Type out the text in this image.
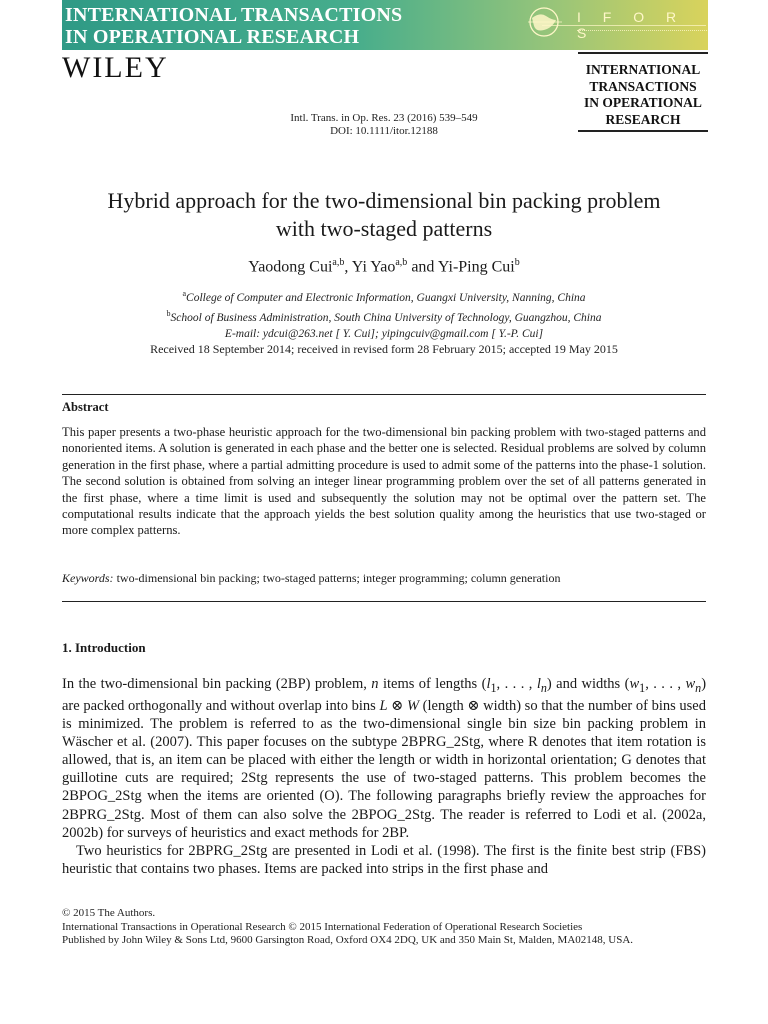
INTERNATIONAL TRANSACTIONS
IN OPERATIONAL RESEARCH
I F O R S
WILEY	INTERNATIONAL
TRANSACTIONS
IN OPERATIONAL
RESEARCH
Intl. Trans. in Op. Res. 23 (2016) 539–549
DOI: 10.1111/itor.12188
Hybrid approach for the two-dimensional bin packing problem
with two-staged patterns
Yaodong Cui$^{a,b}$, Yi Yao$^{a,b}$ and Yi-Ping Cui$^b$
$^a$College of Computer and Electronic Information, Guangxi University, Nanning, China
$^b$School of Business Administration, South China University of Technology, Guangzhou, China
E-mail: ydcui@263.net [ Y. Cui]; yipingcuiv@gmail.com [ Y.-P. Cui]
Received 18 September 2014; received in revised form 28 February 2015; accepted 19 May 2015
Abstract
This paper presents a two-phase heuristic approach for the two-dimensional bin packing problem with two-staged patterns and nonoriented items. A solution is generated in each phase and the better one is selected. Residual problems are solved by column generation in the first phase, where a partial admitting procedure is used to admit some of the patterns into the phase-1 solution. The second solution is obtained from solving an integer linear programming problem over the set of all patterns generated in the first phase, where a time limit is used and subsequently the solution may not be optimal over the pattern set. The computational results indicate that the approach yields the best solution quality among the heuristics that use two-staged or more complex patterns.
Keywords: two-dimensional bin packing; two-staged patterns; integer programming; column generation
1. Introduction

In the two-dimensional bin packing (2BP) problem, n items of lengths ($l_1$, . . . , $l_n$) and widths ($w_1$, . . . , $w_n$) are packed orthogonally and without overlap into bins L ⊗ W (length ⊗ width) so that the number of bins used is minimized. The problem is referred to as the two-dimensional single bin size bin packing problem in Wäscher et al. (2007). This paper focuses on the subtype 2BPRG_2Stg, where R denotes that item rotation is allowed, that is, an item can be placed with either the length or width in horizontal orientation; G denotes that guillotine cuts are required; 2Stg represents the use of two-staged patterns. This problem becomes the 2BPOG_2Stg when the items are oriented (O). The following paragraphs briefly review the approaches for 2BPRG_2Stg. Most of them can also solve the 2BPOG_2Stg. The reader is referred to Lodi et al. (2002a, 2002b) for surveys of heuristics and exact methods for 2BP.

Two heuristics for 2BPRG_2Stg are presented in Lodi et al. (1998). The first is the finite best strip (FBS) heuristic that contains two phases. Items are packed into strips in the first phase and

© 2015 The Authors.
International Transactions in Operational Research © 2015 International Federation of Operational Research Societies
Published by John Wiley & Sons Ltd, 9600 Garsington Road, Oxford OX4 2DQ, UK and 350 Main St, Malden, MA02148, USA.
